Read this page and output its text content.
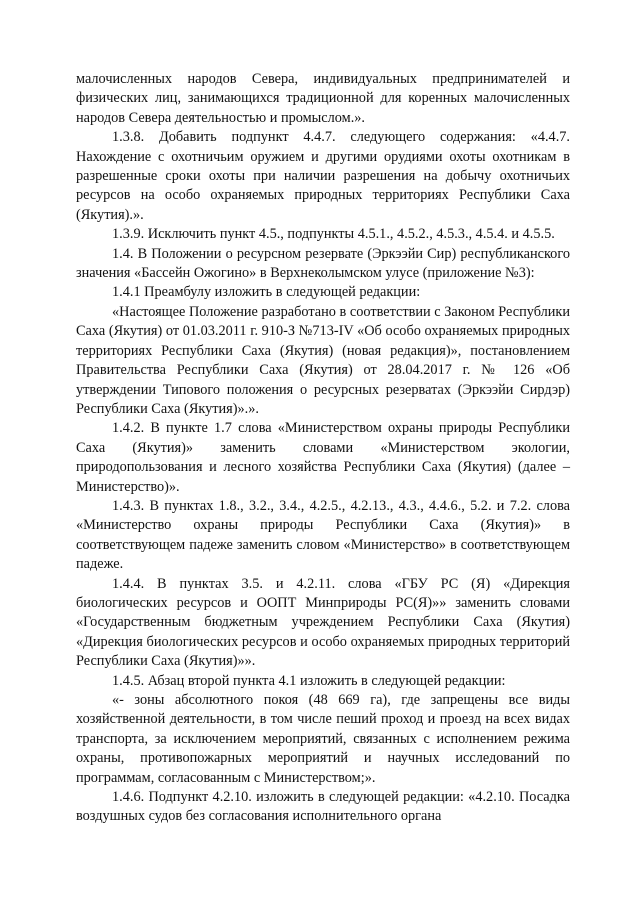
малочисленных народов Севера, индивидуальных предпринимателей и физических лиц, занимающихся традиционной для коренных малочисленных народов Севера деятельностью и промыслом.».

1.3.8. Добавить подпункт 4.4.7. следующего содержания: «4.4.7. Нахождение с охотничьим оружием и другими орудиями охоты охотникам в разрешенные сроки охоты при наличии разрешения на добычу охотничьих ресурсов на особо охраняемых природных территориях Республики Саха (Якутия).».

1.3.9. Исключить пункт 4.5., подпункты 4.5.1., 4.5.2., 4.5.3., 4.5.4. и 4.5.5.

1.4. В Положении о ресурсном резервате (Эркээйи Сир) республиканского значения «Бассейн Ожогино» в Верхнеколымском улусе (приложение №3):

1.4.1 Преамбулу изложить в следующей редакции:

«Настоящее Положение разработано в соответствии с Законом Республики Саха (Якутия) от 01.03.2011 г. 910-З №713-IV «Об особо охраняемых природных территориях Республики Саха (Якутия) (новая редакция)», постановлением Правительства Республики Саха (Якутия) от 28.04.2017 г. № 126 «Об утверждении Типового положения о ресурсных резерватах (Эркээйи Сирдэр) Республики Саха (Якутия)».».

1.4.2. В пункте 1.7 слова «Министерством охраны природы Республики Саха (Якутия)» заменить словами «Министерством экологии, природопользования и лесного хозяйства Республики Саха (Якутия) (далее – Министерство)».

1.4.3. В пунктах 1.8., 3.2., 3.4., 4.2.5., 4.2.13., 4.3., 4.4.6., 5.2. и 7.2. слова «Министерство охраны природы Республики Саха (Якутия)» в соответствующем падеже заменить словом «Министерство» в соответствующем падеже.

1.4.4. В пунктах 3.5. и 4.2.11. слова «ГБУ РС (Я) «Дирекция биологических ресурсов и ООПТ Минприроды РС(Я)»» заменить словами «Государственным бюджетным учреждением Республики Саха (Якутия) «Дирекция биологических ресурсов и особо охраняемых природных территорий Республики Саха (Якутия)»».

1.4.5. Абзац второй пункта 4.1 изложить в следующей редакции:

«- зоны абсолютного покоя (48 669 га), где запрещены все виды хозяйственной деятельности, в том числе пеший проход и проезд на всех видах транспорта, за исключением мероприятий, связанных с исполнением режима охраны, противопожарных мероприятий и научных исследований по программам, согласованным с Министерством;».

1.4.6. Подпункт 4.2.10. изложить в следующей редакции: «4.2.10. Посадка воздушных судов без согласования исполнительного органа
